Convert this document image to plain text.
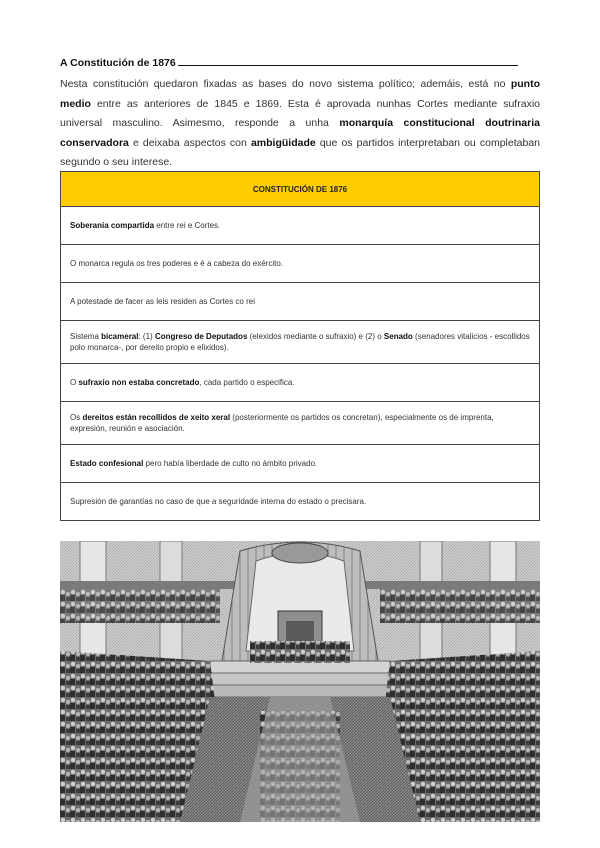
A Constitución de 1876
Nesta constitución quedaron fixadas as bases do novo sistema político; ademáis, está no punto medio entre as anteriores de 1845 e 1869. Esta é aprovada nunhas Cortes mediante sufraxio universal masculino. Asimesmo, responde a unha monarquía constitucional doutrinaria conservadora e deixaba aspectos con ambigüidade que os partidos interpretaban ou completaban segundo o seu interese.
CONSTITUCIÓN DE 1876
Soberanía compartida entre rei e Cortes.
O monarca regula os tres poderes e é a cabeza do exército.
A potestade de facer as leis residen as Cortes co rei
Sistema bicameral: (1) Congreso de Deputados (elexidos mediante o sufraxio) e (2) o Senado (senadores vitalicios - escollidos polo monarca-, por dereito propio e elixidos).
O sufraxio non estaba concretado, cada partido o especifica.
Os dereitos están recollidos de xeito xeral (posteriormente os partidos os concretan), especialmente os de imprenta, expresión, reunión e asociación.
Estado confesional pero había liberdade de culto no ámbito privado.
Supresión de garantías no caso de que a seguridade interna do estado o precisara.
